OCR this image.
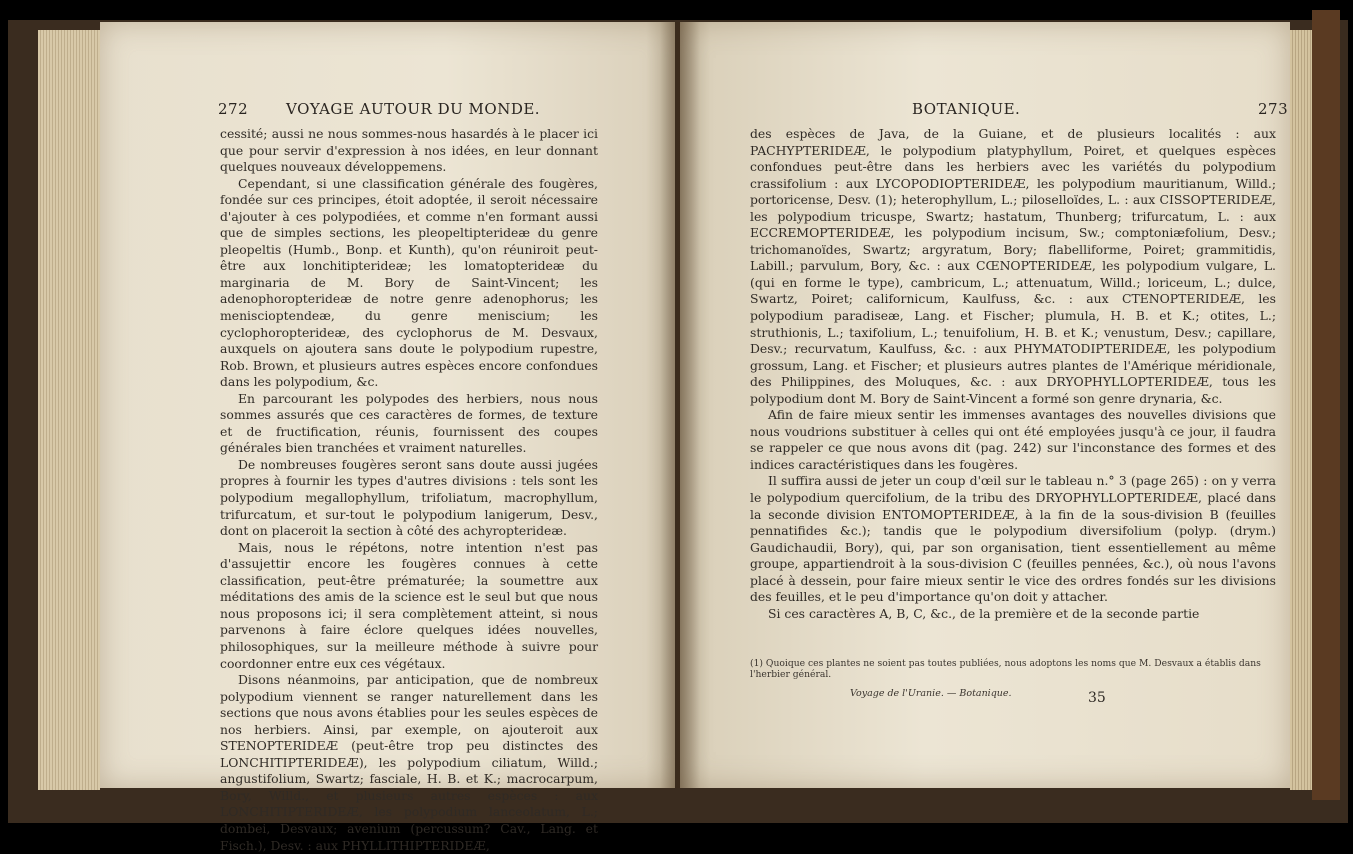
272	VOYAGE AUTOUR DU MONDE.

cessité; aussi ne nous sommes-nous hasardés à le placer ici que pour servir d'expression à nos idées, en leur donnant quelques nouveaux développemens.

Cependant, si une classification générale des fougères, fondée sur ces principes, étoit adoptée, il seroit nécessaire d'ajouter à ces polypodiées, et comme n'en formant aussi que de simples sections, les pleopeltipterideæ du genre pleopeltis (Humb., Bonp. et Kunth), qu'on réuniroit peut-être aux lonchitipterideæ; les lomatopterideæ du marginaria de M. Bory de Saint-Vincent; les adenophoropterideæ de notre genre adenophorus; les meniscioptendeæ, du genre meniscium; les cyclophoropterideæ, des cyclophorus de M. Desvaux, auxquels on ajoutera sans doute le polypodium rupestre, Rob. Brown, et plusieurs autres espèces encore confondues dans les polypodium, &c.

En parcourant les polypodes des herbiers, nous nous sommes assurés que ces caractères de formes, de texture et de fructification, réunis, fournissent des coupes générales bien tranchées et vraiment naturelles.

De nombreuses fougères seront sans doute aussi jugées propres à fournir les types d'autres divisions : tels sont les polypodium megallophyllum, trifoliatum, macrophyllum, trifurcatum, et sur-tout le polypodium lanigerum, Desv., dont on placeroit la section à côté des achyropterideæ.

Mais, nous le répétons, notre intention n'est pas d'assujettir encore les fougères connues à cette classification, peut-être prématurée; la soumettre aux méditations des amis de la science est le seul but que nous nous proposons ici; il sera complètement atteint, si nous parvenons à faire éclore quelques idées nouvelles, philosophiques, sur la meilleure méthode à suivre pour coordonner entre eux ces végétaux.

Disons néanmoins, par anticipation, que de nombreux polypodium viennent se ranger naturellement dans les sections que nous avons établies pour les seules espèces de nos herbiers. Ainsi, par exemple, on ajouteroit aux STENOPTERIDEÆ (peut-être trop peu distinctes des LONCHITIPTERIDEÆ), les polypodium ciliatum, Willd.; angustifolium, Swartz; fasciale, H. B. et K.; macrocarpum, Bory, Willd., et plusieurs autres espèces : aux LONCHITIPTERIDEÆ, les polypodium lanceolatum, L.; dombei, Desvaux; avenium (percussum? Cav., Lang. et Fisch.), Desv. : aux PHYLLITHIPTERIDEÆ,

BOTANIQUE.	273

des espèces de Java, de la Guiane, et de plusieurs localités : aux PACHYPTERIDEÆ, le polypodium platyphyllum, Poiret, et quelques espèces confondues peut-être dans les herbiers avec les variétés du polypodium crassifolium : aux LYCOPODIOPTERIDEÆ, les polypodium mauritianum, Willd.; portoricense, Desv. (1); heterophyllum, L.; piloselloïdes, L. : aux CISSOPTERIDEÆ, les polypodium tricuspe, Swartz; hastatum, Thunberg; trifurcatum, L. : aux ECCREMOPTERIDEÆ, les polypodium incisum, Sw.; comptoniæfolium, Desv.; trichomanoïdes, Swartz; argyratum, Bory; flabelliforme, Poiret; grammitidis, Labill.; parvulum, Bory, &c. : aux CŒNOPTERIDEÆ, les polypodium vulgare, L. (qui en forme le type), cambricum, L.; attenuatum, Willd.; loriceum, L.; dulce, Swartz, Poiret; californicum, Kaulfuss, &c. : aux CTENOPTERIDEÆ, les polypodium paradiseæ, Lang. et Fischer; plumula, H. B. et K.; otites, L.; struthionis, L.; taxifolium, L.; tenuifolium, H. B. et K.; venustum, Desv.; capillare, Desv.; recurvatum, Kaulfuss, &c. : aux PHYMATODIPTERIDEÆ, les polypodium grossum, Lang. et Fischer; et plusieurs autres plantes de l'Amérique méridionale, des Philippines, des Moluques, &c. : aux DRYOPHYLLOPTERIDEÆ, tous les polypodium dont M. Bory de Saint-Vincent a formé son genre drynaria, &c.

Afin de faire mieux sentir les immenses avantages des nouvelles divisions que nous voudrions substituer à celles qui ont été employées jusqu'à ce jour, il faudra se rappeler ce que nous avons dit (pag. 242) sur l'inconstance des formes et des indices caractéristiques dans les fougères.

Il suffira aussi de jeter un coup d'œil sur le tableau n.° 3 (page 265) : on y verra le polypodium quercifolium, de la tribu des DRYOPHYLLOPTERIDEÆ, placé dans la seconde division ENTOMOPTERIDEÆ, à la fin de la sous-division B (feuilles pennatifides &c.); tandis que le polypodium diversifolium (polyp. (drym.) Gaudichaudii, Bory), qui, par son organisation, tient essentiellement au même groupe, appartiendroit à la sous-division C (feuilles pennées, &c.), où nous l'avons placé à dessein, pour faire mieux sentir le vice des ordres fondés sur les divisions des feuilles, et le peu d'importance qu'on doit y attacher.

Si ces caractères A, B, C, &c., de la première et de la seconde partie

(1) Quoique ces plantes ne soient pas toutes publiées, nous adoptons les noms que M. Desvaux a établis dans l'herbier général.
Voyage de l'Uranie. — Botanique.	35
